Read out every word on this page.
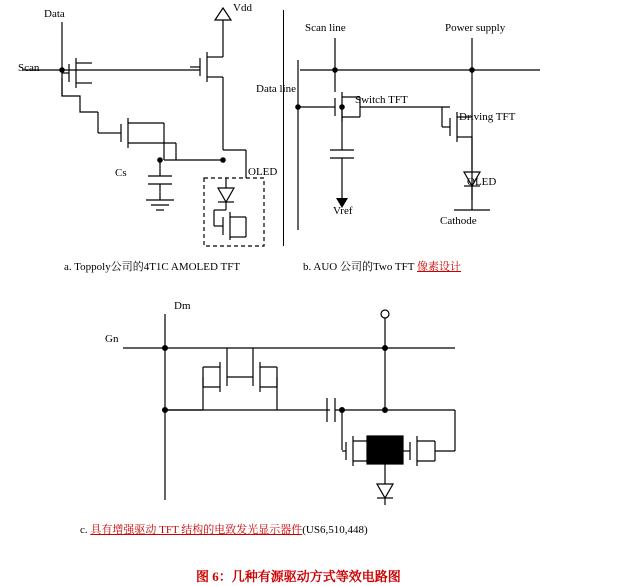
Data	Vdd
Scan
Cs	OLED
a. Toppoly公司的4T1C AMOLED TFT
Scan line	Power supply
Data line
Switch TFT
Driving TFT
OLED
Vref
Cathode
b. AUO 公司的Two TFT 像素设计
Dm
Gn
c. 具有增强驱动 TFT 结构的电致发光显示器件(US6,510,448)
图 6：几种有源驱动方式等效电路图
